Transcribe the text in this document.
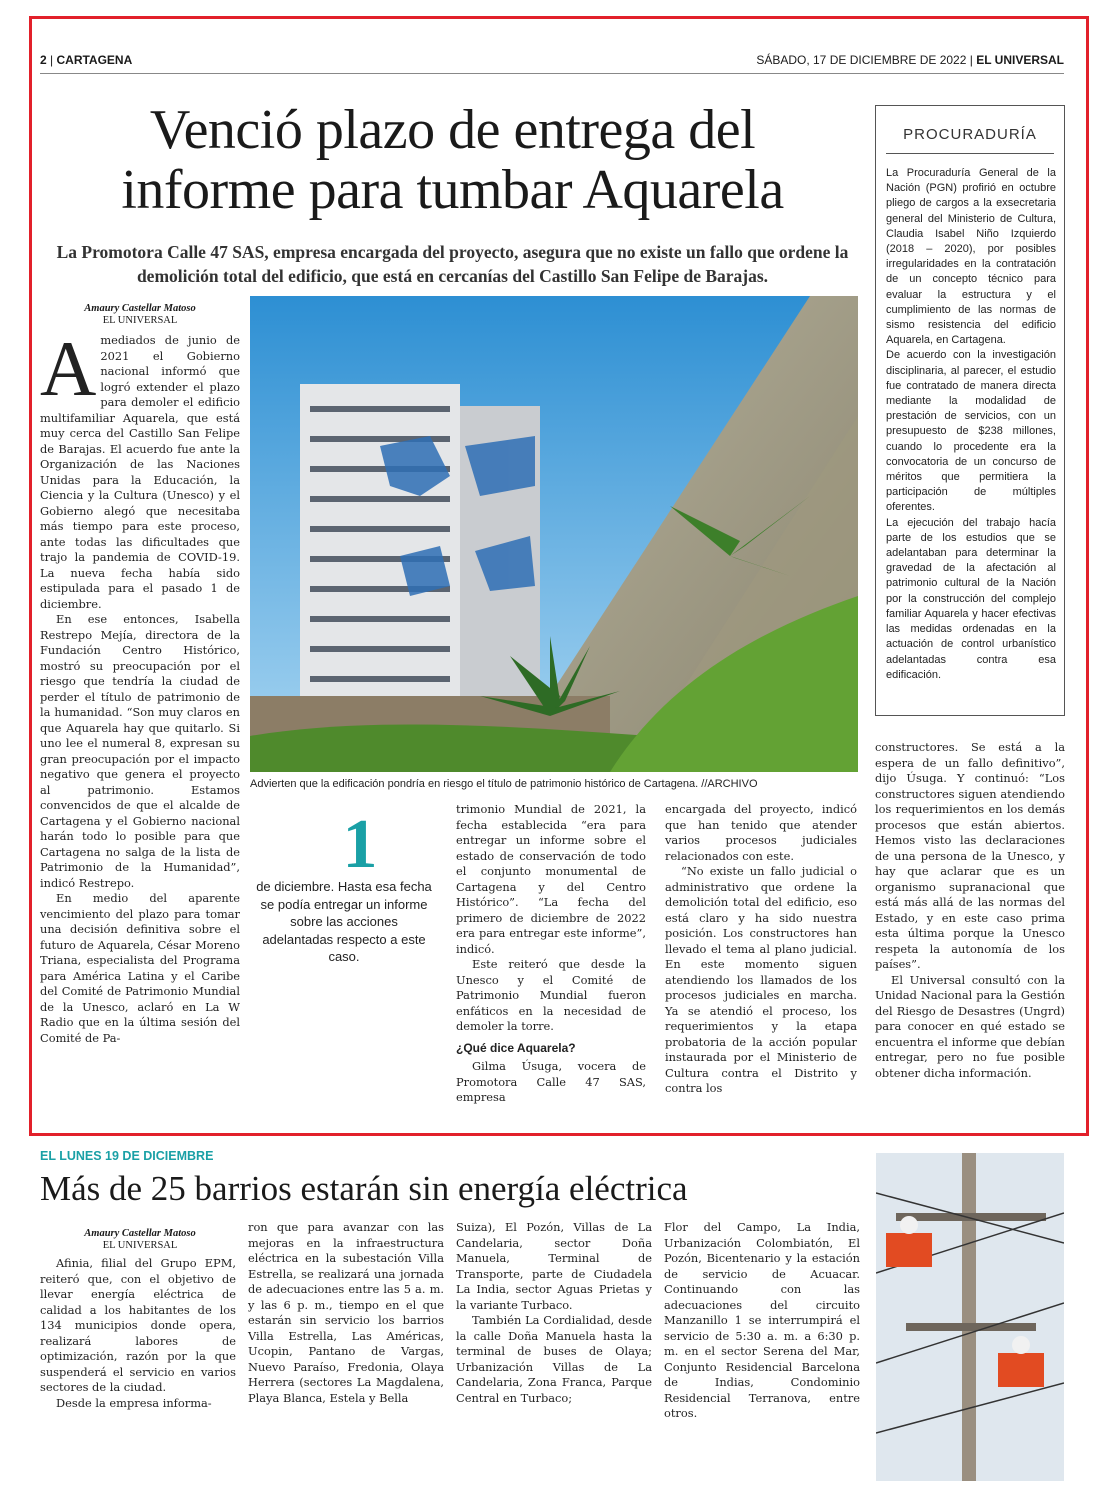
2 | CARTAGENA	SÁBADO, 17 DE DICIEMBRE DE 2022 | EL UNIVERSAL
Venció plazo de entrega del
informe para tumbar Aquarela
La Promotora Calle 47 SAS, empresa encargada del proyecto, asegura que no existe un fallo que ordene la demolición total del edificio, que está en cercanías del Castillo San Felipe de Barajas.
PROCURADURÍA

La Procuraduría General de la Nación (PGN) profirió en octubre pliego de cargos a la exsecretaria general del Ministerio de Cultura, Claudia Isabel Niño Izquierdo (2018 – 2020), por posibles irregularidades en la contratación de un concepto técnico para evaluar la estructura y el cumplimiento de las normas de sismo resistencia del edificio Aquarela, en Cartagena.

De acuerdo con la investigación disciplinaria, al parecer, el estudio fue contratado de manera directa mediante la modalidad de prestación de servicios, con un presupuesto de $238 millones, cuando lo procedente era la convocatoria de un concurso de méritos que permitiera la participación de múltiples oferentes.

La ejecución del trabajo hacía parte de los estudios que se adelantaban para determinar la gravedad de la afectación al patrimonio cultural de la Nación por la construcción del complejo familiar Aquarela y hacer efectivas las medidas ordenadas en la actuación de control urbanístico adelantadas contra esa edificación.

Amaury Castellar Matoso
EL UNIVERSAL

Amediados de junio de 2021 el Gobierno nacional informó que logró extender el plazo para demoler el edificio multifamiliar Aquarela, que está muy cerca del Castillo San Felipe de Barajas. El acuerdo fue ante la Organización de las Naciones Unidas para la Educación, la Ciencia y la Cultura (Unesco) y el Gobierno alegó que necesitaba más tiempo para este proceso, ante todas las dificultades que trajo la pandemia de COVID-19. La nueva fecha había sido estipulada para el pasado 1 de diciembre.

En ese entonces, Isabella Restrepo Mejía, directora de la Fundación Centro Histórico, mostró su preocupación por el riesgo que tendría la ciudad de perder el título de patrimonio de la humanidad. “Son muy claros en que Aquarela hay que quitarlo. Si uno lee el numeral 8, expresan su gran preocupación por el impacto negativo que genera el proyecto al patrimonio. Estamos convencidos de que el alcalde de Cartagena y el Gobierno nacional harán todo lo posible para que Cartagena no salga de la lista de Patrimonio de la Humanidad”, indicó Restrepo.

En medio del aparente vencimiento del plazo para tomar una decisión definitiva sobre el futuro de Aquarela, César Moreno Triana, especialista del Programa para América Latina y el Caribe del Comité de Patrimonio Mundial de la Unesco, aclaró en La W Radio que en la última sesión del Comité de Pa-

Advierten que la edificación pondría en riesgo el título de patrimonio histórico de Cartagena. //ARCHIVO
1
de diciembre. Hasta esa fecha se podía entregar un informe sobre las acciones adelantadas respecto a este caso.

trimonio Mundial de 2021, la fecha establecida “era para entregar un informe sobre el estado de conservación de todo el conjunto monumental de Cartagena y del Centro Histórico”. “La fecha del primero de diciembre de 2022 era para entregar este informe”, indicó.

Este reiteró que desde la Unesco y el Comité de Patrimonio Mundial fueron enfáticos en la necesidad de demoler la torre.

¿Qué dice Aquarela?

Gilma Úsuga, vocera de Promotora Calle 47 SAS, empresa

encargada del proyecto, indicó que han tenido que atender varios procesos judiciales relacionados con este.

“No existe un fallo judicial o administrativo que ordene la demolición total del edificio, eso está claro y ha sido nuestra posición. Los constructores han llevado el tema al plano judicial. En este momento siguen atendiendo los llamados de los procesos judiciales en marcha. Ya se atendió el proceso, los requerimientos y la etapa probatoria de la acción popular instaurada por el Ministerio de Cultura contra el Distrito y contra los

constructores. Se está a la espera de un fallo definitivo”, dijo Úsuga. Y continuó: “Los constructores siguen atendiendo los requerimientos en los demás procesos que están abiertos. Hemos visto las declaraciones de una persona de la Unesco, y hay que aclarar que es un organismo supranacional que está más allá de las normas del Estado, y en este caso prima esta última porque la Unesco respeta la autonomía de los países”.

El Universal consultó con la Unidad Nacional para la Gestión del Riesgo de Desastres (Ungrd) para conocer en qué estado se encuentra el informe que debían entregar, pero no fue posible obtener dicha información.

EL LUNES 19 DE DICIEMBRE
Más de 25 barrios estarán sin energía eléctrica
Amaury Castellar Matoso
EL UNIVERSAL

Afinia, filial del Grupo EPM, reiteró que, con el objetivo de llevar energía eléctrica de calidad a los habitantes de los 134 municipios donde opera, realizará labores de optimización, razón por la que suspenderá el servicio en varios sectores de la ciudad.

Desde la empresa informa-

ron que para avanzar con las mejoras en la infraestructura eléctrica en la subestación Villa Estrella, se realizará una jornada de adecuaciones entre las 5 a. m. y las 6 p. m., tiempo en el que estarán sin servicio los barrios Villa Estrella, Las Américas, Ucopin, Pantano de Vargas, Nuevo Paraíso, Fredonia, Olaya Herrera (sectores La Magdalena, Playa Blanca, Estela y Bella

Suiza), El Pozón, Villas de La Candelaria, sector Doña Manuela, Terminal de Transporte, parte de Ciudadela La India, sector Aguas Prietas y la variante Turbaco.

También La Cordialidad, desde la calle Doña Manuela hasta la terminal de buses de Olaya; Urbanización Villas de La Candelaria, Zona Franca, Parque Central en Turbaco;

Flor del Campo, La India, Urbanización Colombiatón, El Pozón, Bicentenario y la estación de servicio de Acuacar. Continuando con las adecuaciones del circuito Manzanillo 1 se interrumpirá el servicio de 5:30 a. m. a 6:30 p. m. en el sector Serena del Mar, Conjunto Residencial Barcelona de Indias, Condominio Residencial Terranova, entre otros.
